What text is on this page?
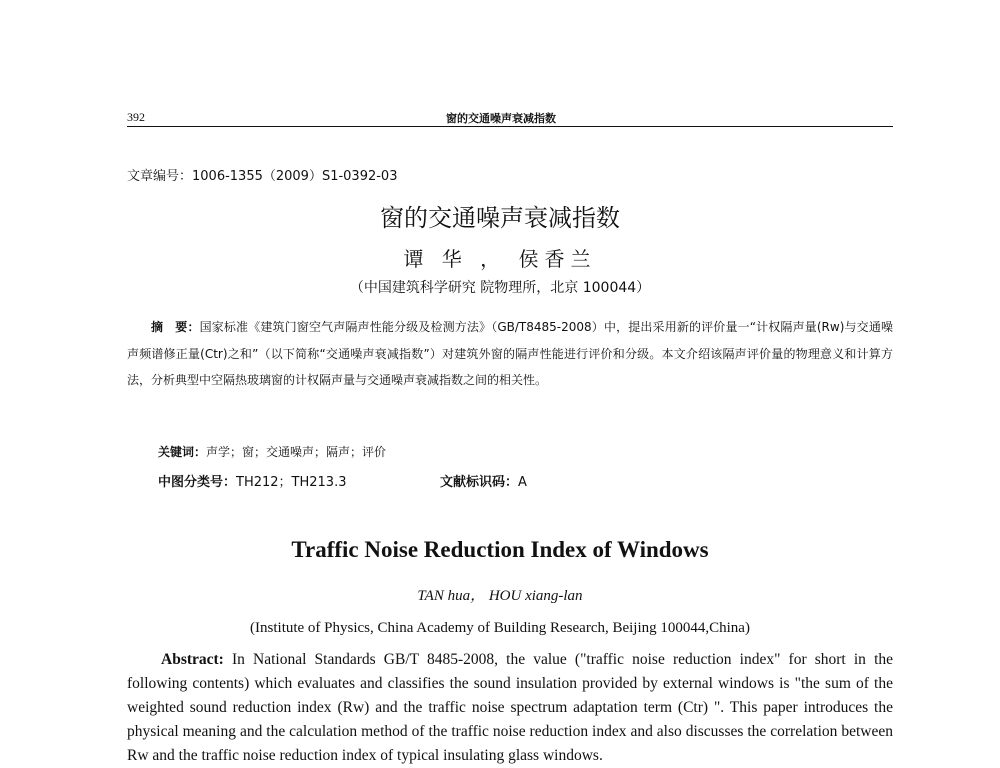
392	窗的交通噪声衰减指数
文章编号：1006-1355（2009）S1-0392-03
窗的交通噪声衰减指数
谭 华 ， 侯香兰
（中国建筑科学研究 院物理所，北京 100044）

摘　要：国家标准《建筑门窗空气声隔声性能分级及检测方法》（GB/T8485-2008）中，提出采用新的评价量一“计权隔声量(Rw)与交通噪声频谱修正量(Ctr)之和”（以下简称“交通噪声衰减指数”）对建筑外窗的隔声性能进行评价和分级。本文介绍该隔声评价量的物理意义和计算方法，分析典型中空隔热玻璃窗的计权隔声量与交通噪声衰减指数之间的相关性。

关键词：声学；窗；交通噪声；隔声；评价
中图分类号：TH212；TH213.3	文献标识码：A
Traffic Noise Reduction Index of Windows
TAN hua， HOU xiang-lan
(Institute of Physics, China Academy of Building Research, Beijing 100044,China)

Abstract: In National Standards GB/T 8485-2008, the value ("traffic noise reduction index" for short in the following contents) which evaluates and classifies the sound insulation provided by external windows is "the sum of the weighted sound reduction index (Rw) and the traffic noise spectrum adaptation term (Ctr) ". This paper introduces the physical meaning and the calculation method of the traffic noise reduction index and also discusses the correlation between Rw and the traffic noise reduction index of typical insulating glass windows.
